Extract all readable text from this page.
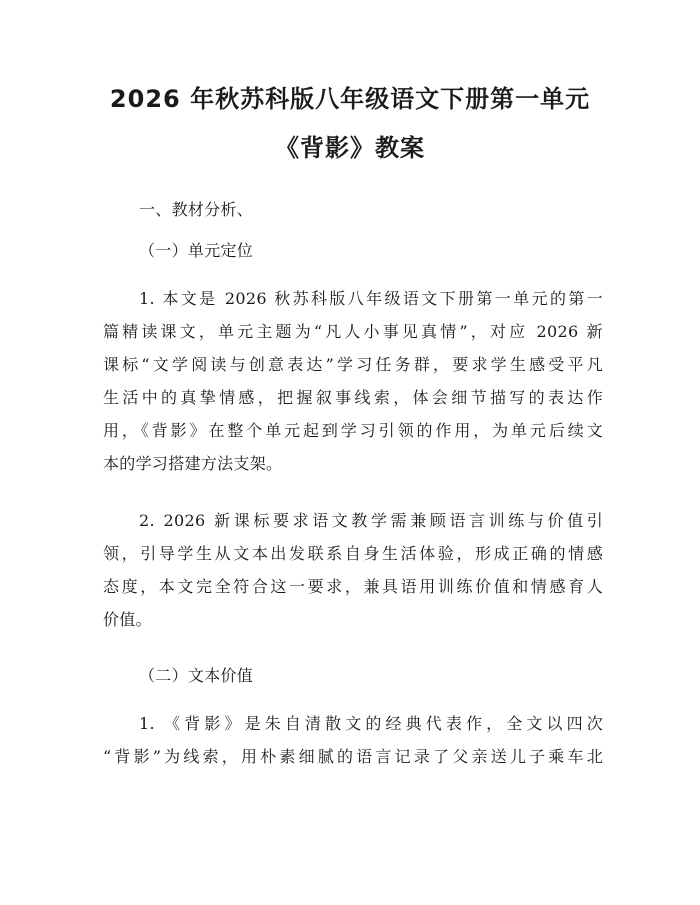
2026 年秋苏科版八年级语文下册第一单元
《背影》教案
一、教材分析、
（一）单元定位
1. 本文是 2026 秋苏科版八年级语文下册第一单元的第一
篇精读课文，单元主题为“凡人小事见真情”，对应 2026 新
课标“文学阅读与创意表达”学习任务群，要求学生感受平凡
生活中的真挚情感，把握叙事线索，体会细节描写的表达作
用，《背影》在整个单元起到学习引领的作用，为单元后续文
本的学习搭建方法支架。
2. 2026 新课标要求语文教学需兼顾语言训练与价值引
领，引导学生从文本出发联系自身生活体验，形成正确的情感
态度，本文完全符合这一要求，兼具语用训练价值和情感育人
价值。
（二）文本价值
1. 《背影》是朱自清散文的经典代表作，全文以四次
“背影”为线索，用朴素细腻的语言记录了父亲送儿子乘车北
